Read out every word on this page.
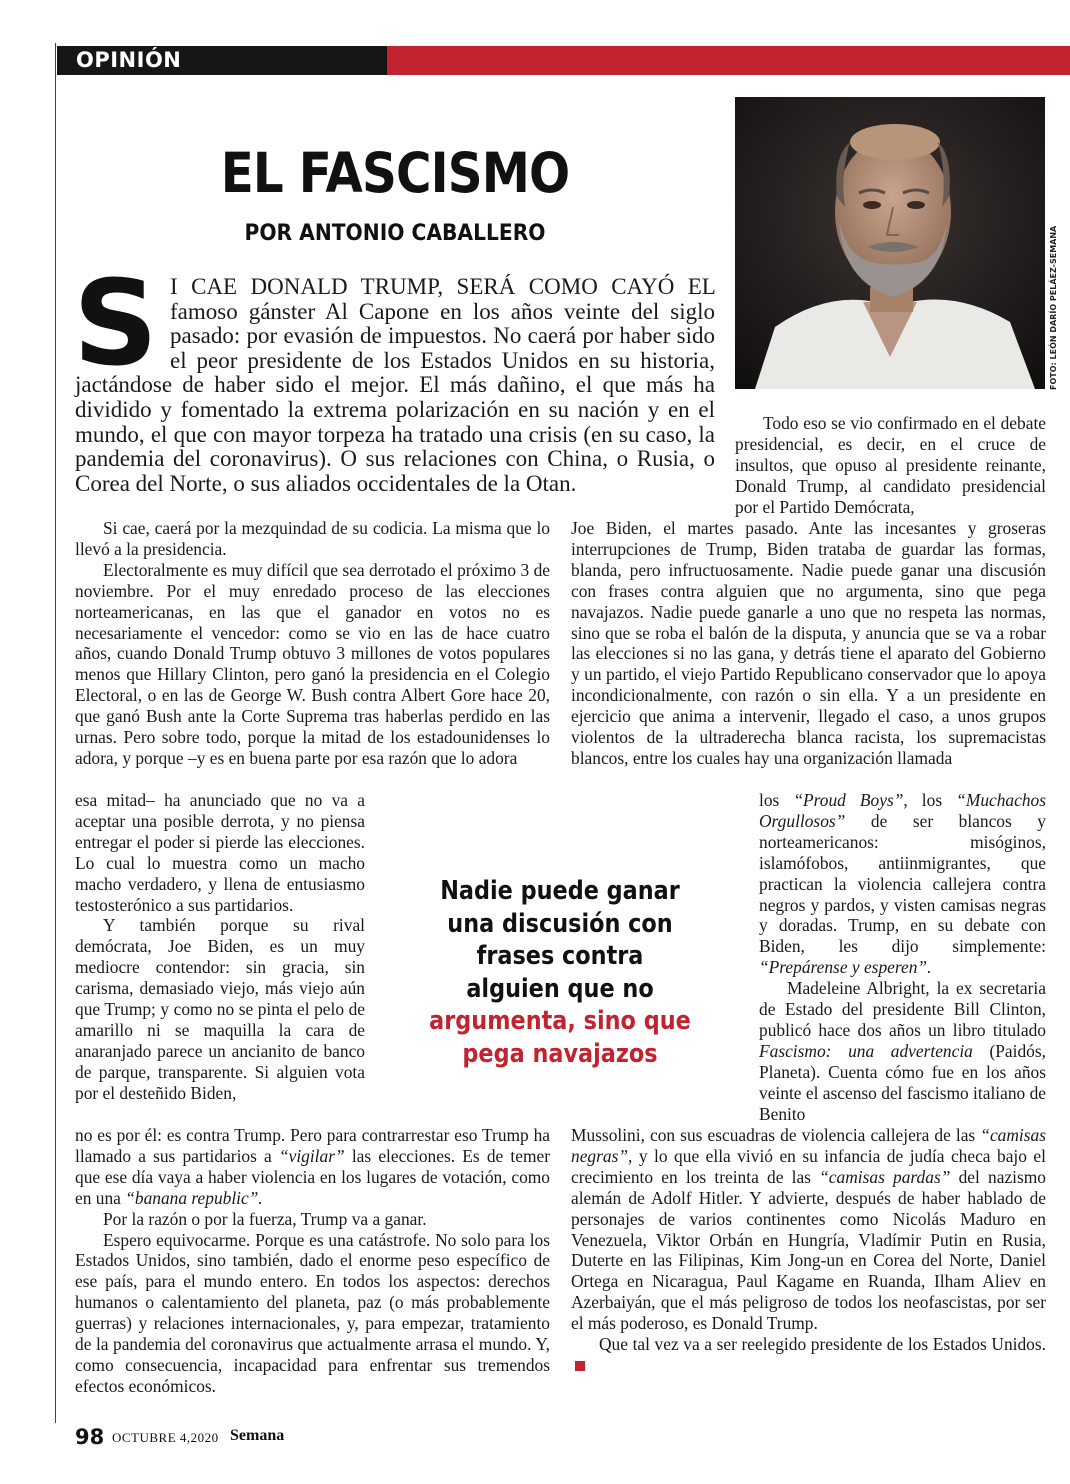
OPINIÓN
EL FASCISMO
POR ANTONIO CABALLERO	FOTO: LEÓN DARÍO PELÁEZ-SEMANA
S I CAE DONALD TRUMP, SERÁ COMO CAYÓ EL famoso gánster Al Capone en los años veinte del siglo pasado: por evasión de impuestos. No caerá por haber sido el peor presidente de los Estados Unidos en su historia, jactándose de haber sido el mejor. El más dañino, el que más ha dividido y fomentado la extrema polarización en su nación y en el mundo, el que con mayor torpeza ha tratado una crisis (en su caso, la pandemia del coronavirus). O sus relaciones con China, o Rusia, o Corea del Norte, o sus aliados occidentales de la Otan.

Si cae, caerá por la mezquindad de su codicia. La misma que lo llevó a la presidencia.

Electoralmente es muy difícil que sea derrotado el próximo 3 de noviembre. Por el muy enredado proceso de las elecciones norteamericanas, en las que el ganador en votos no es necesariamente el vencedor: como se vio en las de hace cuatro años, cuando Donald Trump obtuvo 3 millones de votos populares menos que Hillary Clinton, pero ganó la presidencia en el Colegio Electoral, o en las de George W. Bush contra Albert Gore hace 20, que ganó Bush ante la Corte Suprema tras haberlas perdido en las urnas. Pero sobre todo, porque la mitad de los estadounidenses lo adora, y porque –y es en buena parte por esa razón que lo adora

esa mitad– ha anunciado que no va a aceptar una posible derrota, y no piensa entregar el poder si pierde las elecciones. Lo cual lo muestra como un macho macho verdadero, y llena de entusiasmo testosterónico a sus partidarios.

Y también porque su rival demócrata, Joe Biden, es un muy mediocre contendor: sin gracia, sin carisma, demasiado viejo, más viejo aún que Trump; y como no se pinta el pelo de amarillo ni se maquilla la cara de anaranjado parece un ancianito de banco de parque, transparente. Si alguien vota por el desteñido Biden,

no es por él: es contra Trump. Pero para contrarrestar eso Trump ha llamado a sus partidarios a “vigilar” las elecciones. Es de temer que ese día vaya a haber violencia en los lugares de votación, como en una “banana republic”.

Por la razón o por la fuerza, Trump va a ganar.

Espero equivocarme. Porque es una catástrofe. No solo para los Estados Unidos, sino también, dado el enorme peso específico de ese país, para el mundo entero. En todos los aspectos: derechos humanos o calentamiento del planeta, paz (o más probablemente guerras) y relaciones internacionales, y, para empezar, tratamiento de la pandemia del coronavirus que actualmente arrasa el mundo. Y, como consecuencia, incapacidad para enfrentar sus tremendos efectos económicos.

Todo eso se vio confirmado en el debate presidencial, es decir, en el cruce de insultos, que opuso al presidente reinante, Donald Trump, al candidato presidencial por el Partido Demócrata,

Joe Biden, el martes pasado. Ante las incesantes y groseras interrupciones de Trump, Biden trataba de guardar las formas, blanda, pero infructuosamente. Nadie puede ganar una discusión con frases contra alguien que no argumenta, sino que pega navajazos. Nadie puede ganarle a uno que no respeta las normas, sino que se roba el balón de la disputa, y anuncia que se va a robar las elecciones si no las gana, y detrás tiene el aparato del Gobierno y un partido, el viejo Partido Republicano conservador que lo apoya incondicionalmente, con razón o sin ella. Y a un presidente en ejercicio que anima a intervenir, llegado el caso, a unos grupos violentos de la ultraderecha blanca racista, los supremacistas blancos, entre los cuales hay una organización llamada

los “Proud Boys”, los “Muchachos Orgullosos” de ser blancos y norteamericanos: misóginos, islamófobos, antiinmigrantes, que practican la violencia callejera contra negros y pardos, y visten camisas negras y doradas. Trump, en su debate con Biden, les dijo simplemente: “Prepárense y esperen”.

Madeleine Albright, la ex secretaria de Estado del presidente Bill Clinton, publicó hace dos años un libro titulado Fascismo: una advertencia (Paidós, Planeta). Cuenta cómo fue en los años veinte el ascenso del fascismo italiano de Benito

Mussolini, con sus escuadras de violencia callejera de las “camisas negras”, y lo que ella vivió en su infancia de judía checa bajo el crecimiento en los treinta de las “camisas pardas” del nazismo alemán de Adolf Hitler. Y advierte, después de haber hablado de personajes de varios continentes como Nicolás Maduro en Venezuela, Viktor Orbán en Hungría, Vladímir Putin en Rusia, Duterte en las Filipinas, Kim Jong-un en Corea del Norte, Daniel Ortega en Nicaragua, Paul Kagame en Ruanda, Ilham Aliev en Azerbaiyán, que el más peligroso de todos los neofascistas, por ser el más poderoso, es Donald Trump.

Que tal vez va a ser reelegido presidente de los Estados Unidos.

Nadie puede ganar una discusión con frases contra alguien que no argumenta, sino que pega navajazos
98 OCTUBRE 4,2020 Semana
